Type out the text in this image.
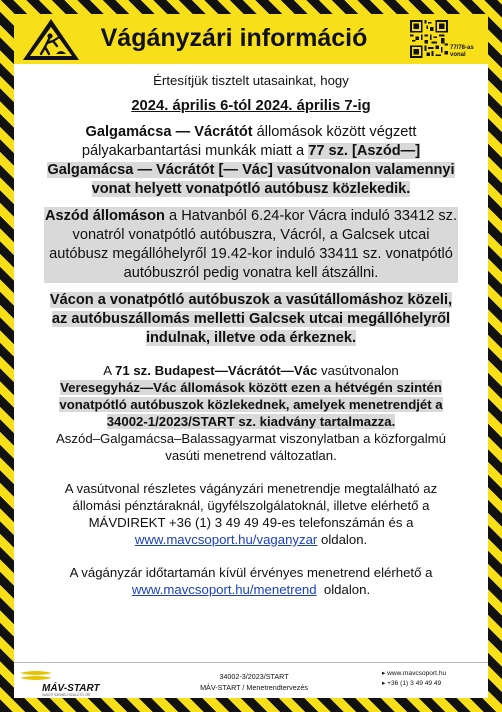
Vágányzári információ	77/78-as vonal

Értesítjük tisztelt utasainkat, hogy

2024. április 6-tól 2024. április 7-ig

Galgamácsa — Vácrátót állomások között végzett pályakarbantartási munkák miatt a 77 sz. [Aszód—] Galgamácsa — Vácrátót [— Vác] vasútvonalon valamennyi vonat helyett vonatpótló autóbusz közlekedik.

Aszód állomáson a Hatvanból 6.24-kor Vácra induló 33412 sz. vonatról vonatpótló autóbuszra, Vácról, a Galcsek utcai autóbusz megállóhelyről 19.42-kor induló 33411 sz. vonatpótló autóbuszról pedig vonatra kell átszállni.

Vácon a vonatpótló autóbuszok a vasútállomáshoz közeli, az autóbuszállomás melletti Galcsek utcai megállóhelyről indulnak, illetve oda érkeznek.

A 71 sz. Budapest—Vácrátót—Vác vasútvonalon
Veresegyház—Vác állomások között ezen a hétvégén szintén vonatpótló autóbuszok közlekednek, amelyek menetrendjét a 34002-1/2023/START sz. kiadvány tartalmazza.
Aszód–Galgamácsa–Balassagyarmat viszonylatban a közforgalmú vasúti menetrend változatlan.

A vasútvonal részletes vágányzári menetrendje megtalálható az állomási pénztáraknál, ügyfélszolgálatoknál, illetve elérhető a MÁVDIREKT +36 (1) 3 49 49 49-es telefonszámán és a
www.mavcsoport.hu/vaganyzar oldalon.

A vágányzár időtartamán kívül érvényes menetrend elérhető a
www.mavcsoport.hu/menetrend  oldalon.

MÁV-START
VASÚTI SZEMÉLYSZÁLLÍTÓ ZRT.
34002-3/2023/START
MÁV-START / Menetrendtervezés
▸ www.mavcsoport.hu
▸ +36 (1) 3 49 49 49
